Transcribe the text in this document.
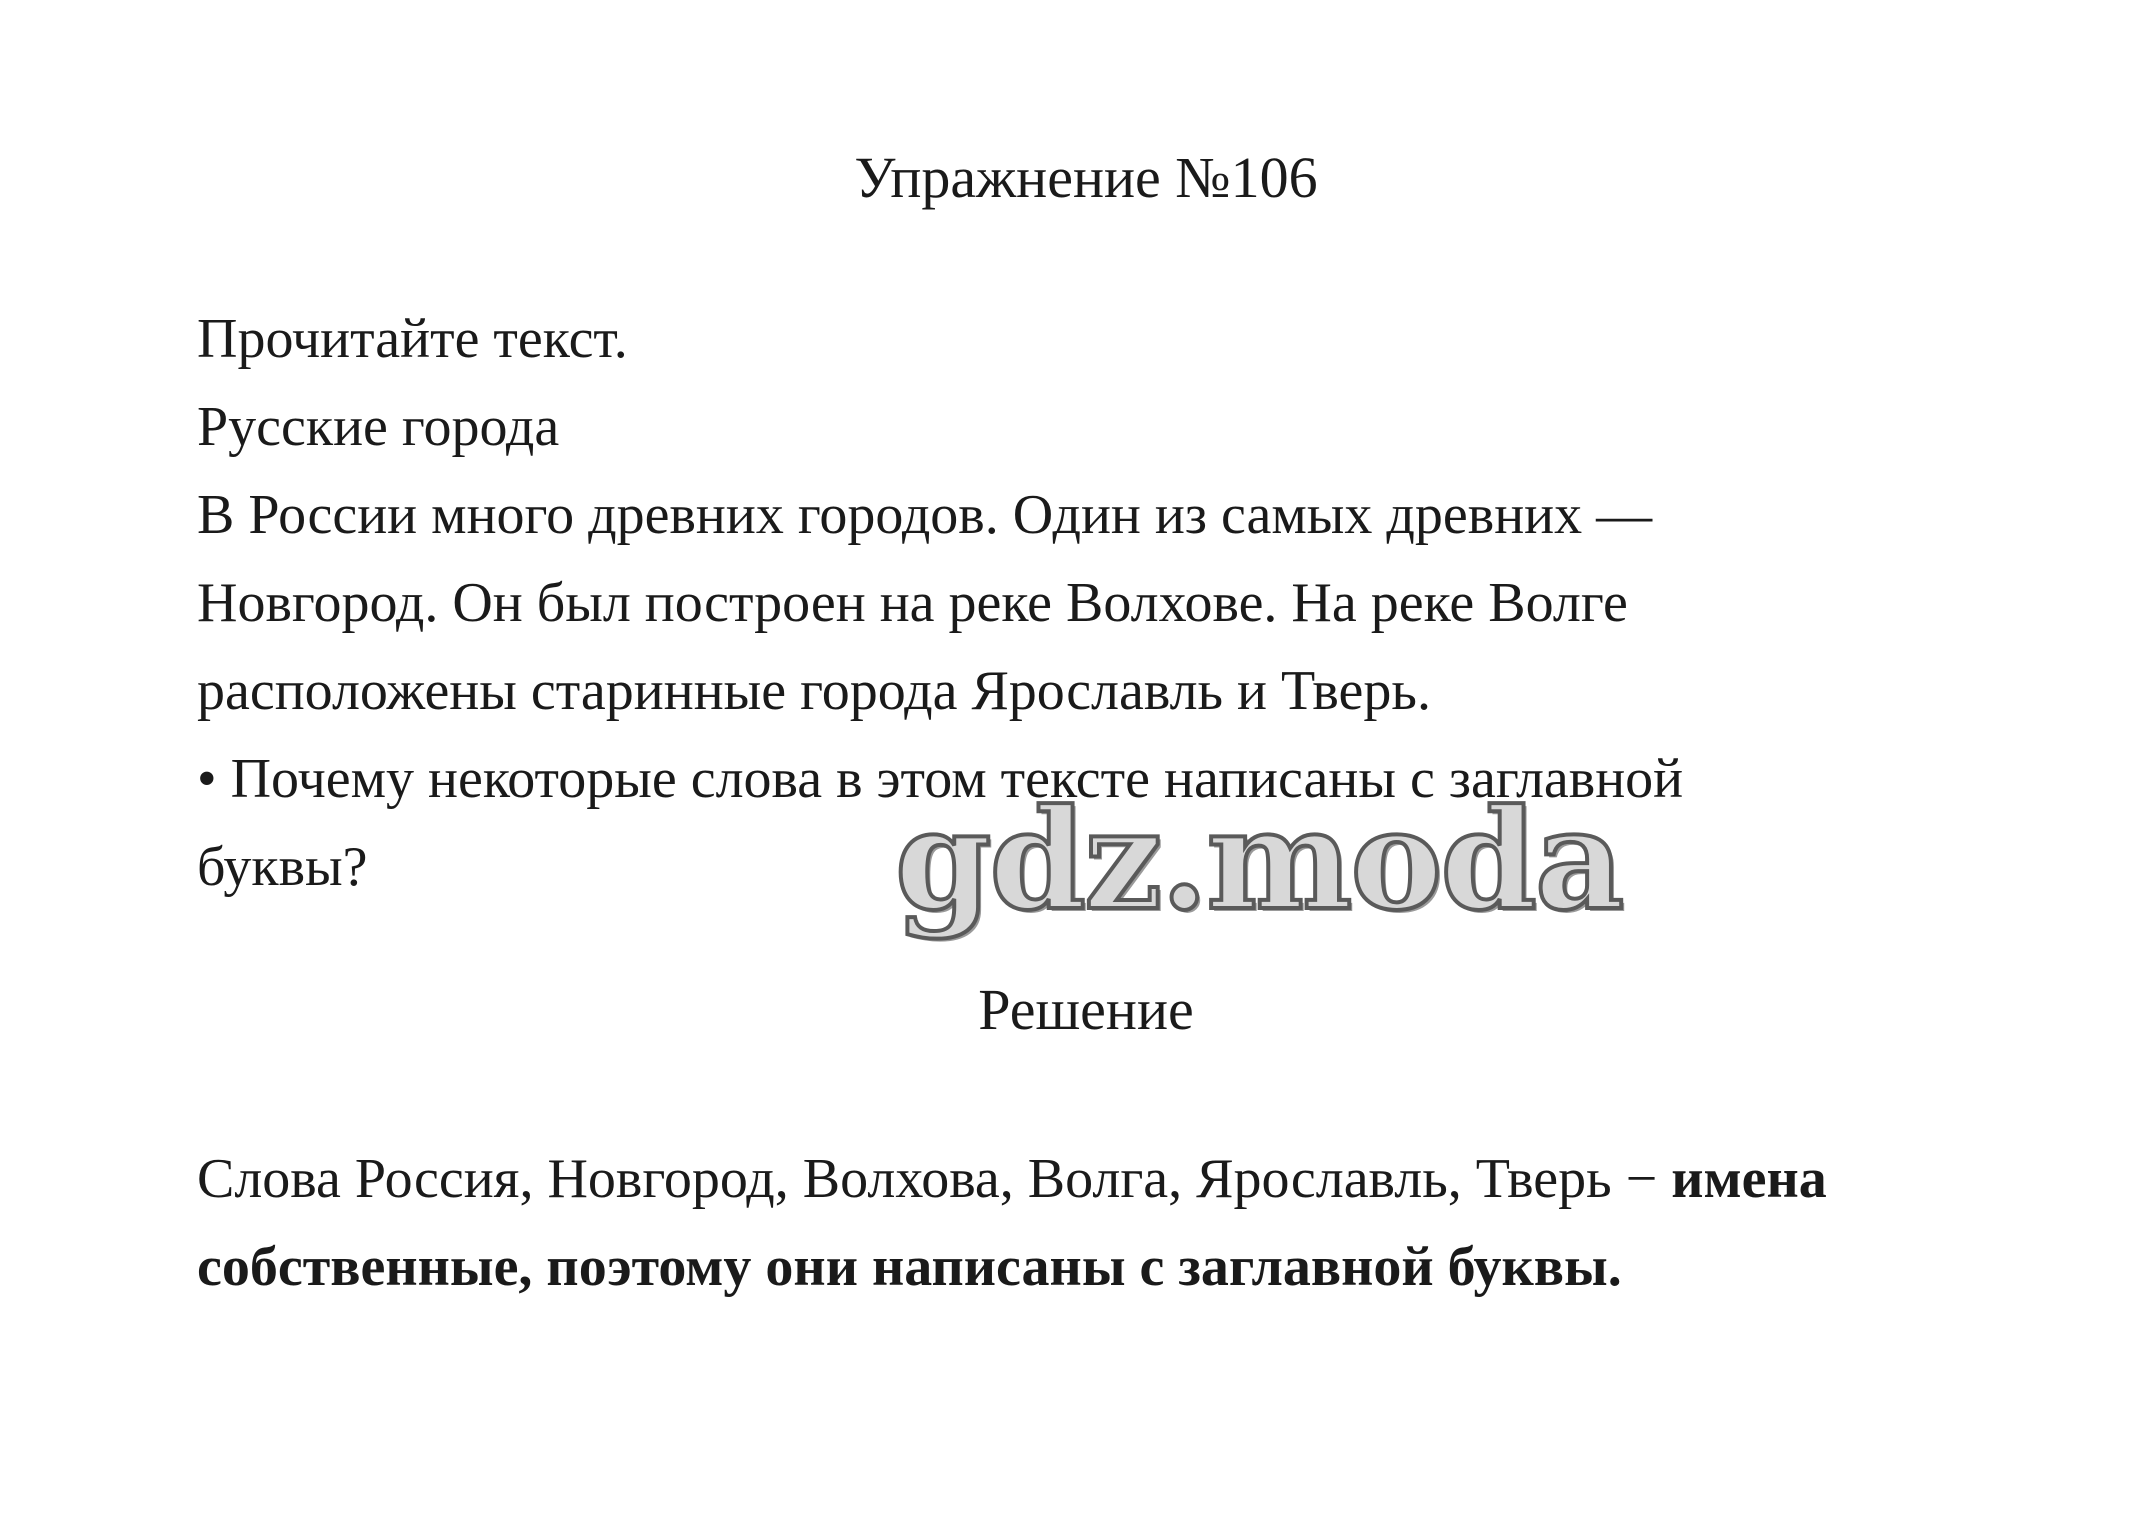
Упражнение №106
Прочитайте текст.
Русские города
В России много древних городов. Один из самых древних —
Новгород. Он был построен на реке Волхове. На реке Волге
расположены старинные города Ярославль и Тверь.
• Почему некоторые слова в этом тексте написаны с заглавной
буквы?	gdz.moda
Решение
Слова Россия, Новгород, Волхова, Волга, Ярославль, Тверь − имена
собственные, поэтому они написаны с заглавной буквы.
